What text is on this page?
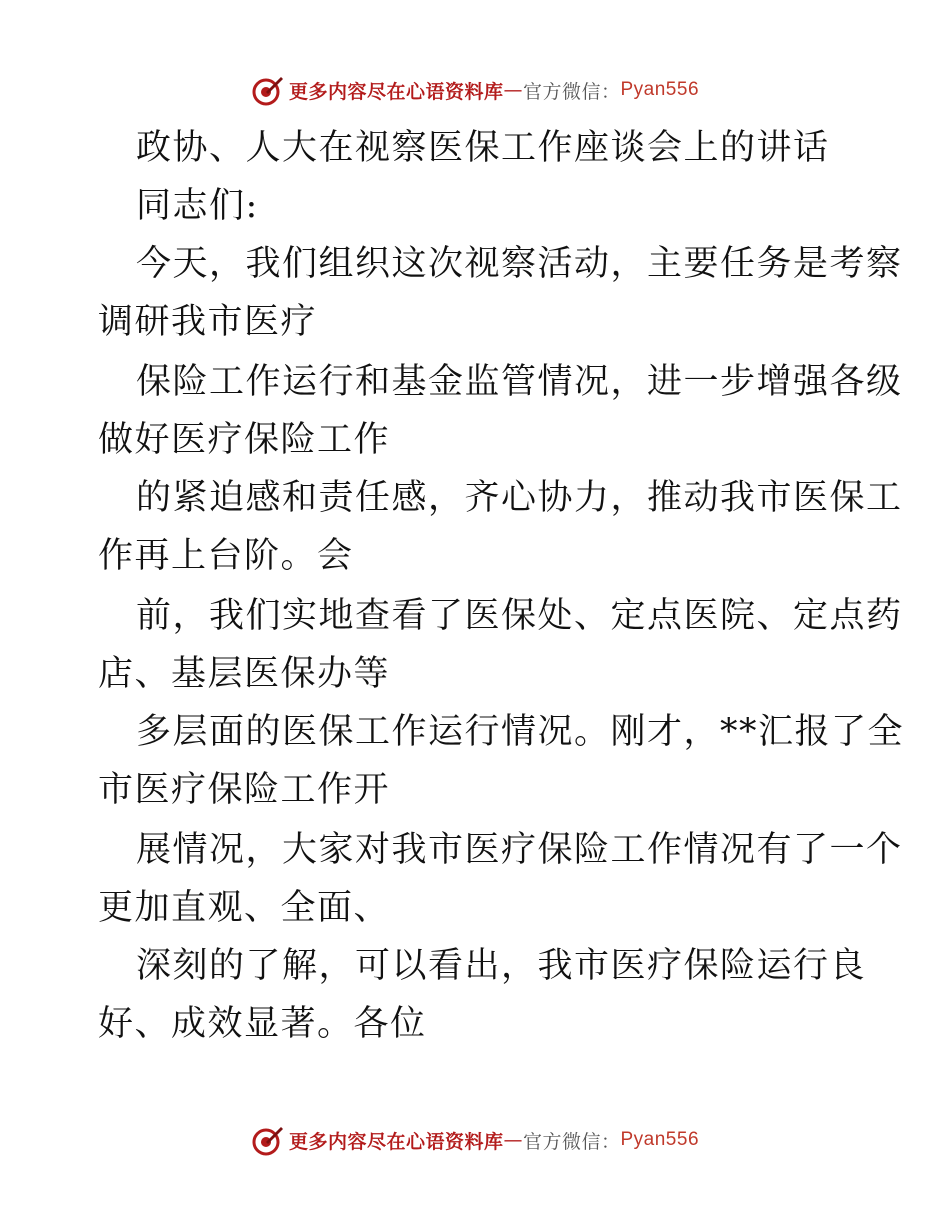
更多内容尽在心语资料库 — 官方微信： Pyan556
政协、人大在视察医保工作座谈会上的讲话
同志们:
今天，我们组织这次视察活动，主要任务是考察
调研我市医疗
保险工作运行和基金监管情况，进一步增强各级
做好医疗保险工作
的紧迫感和责任感，齐心协力，推动我市医保工
作再上台阶。会
前，我们实地查看了医保处、定点医院、定点药
店、基层医保办等
多层面的医保工作运行情况。刚才，**汇报了全
市医疗保险工作开
展情况，大家对我市医疗保险工作情况有了一个
更加直观、全面、
深刻的了解，可以看出，我市医疗保险运行良
好、成效显著。各位
更多内容尽在心语资料库 — 官方微信： Pyan556
